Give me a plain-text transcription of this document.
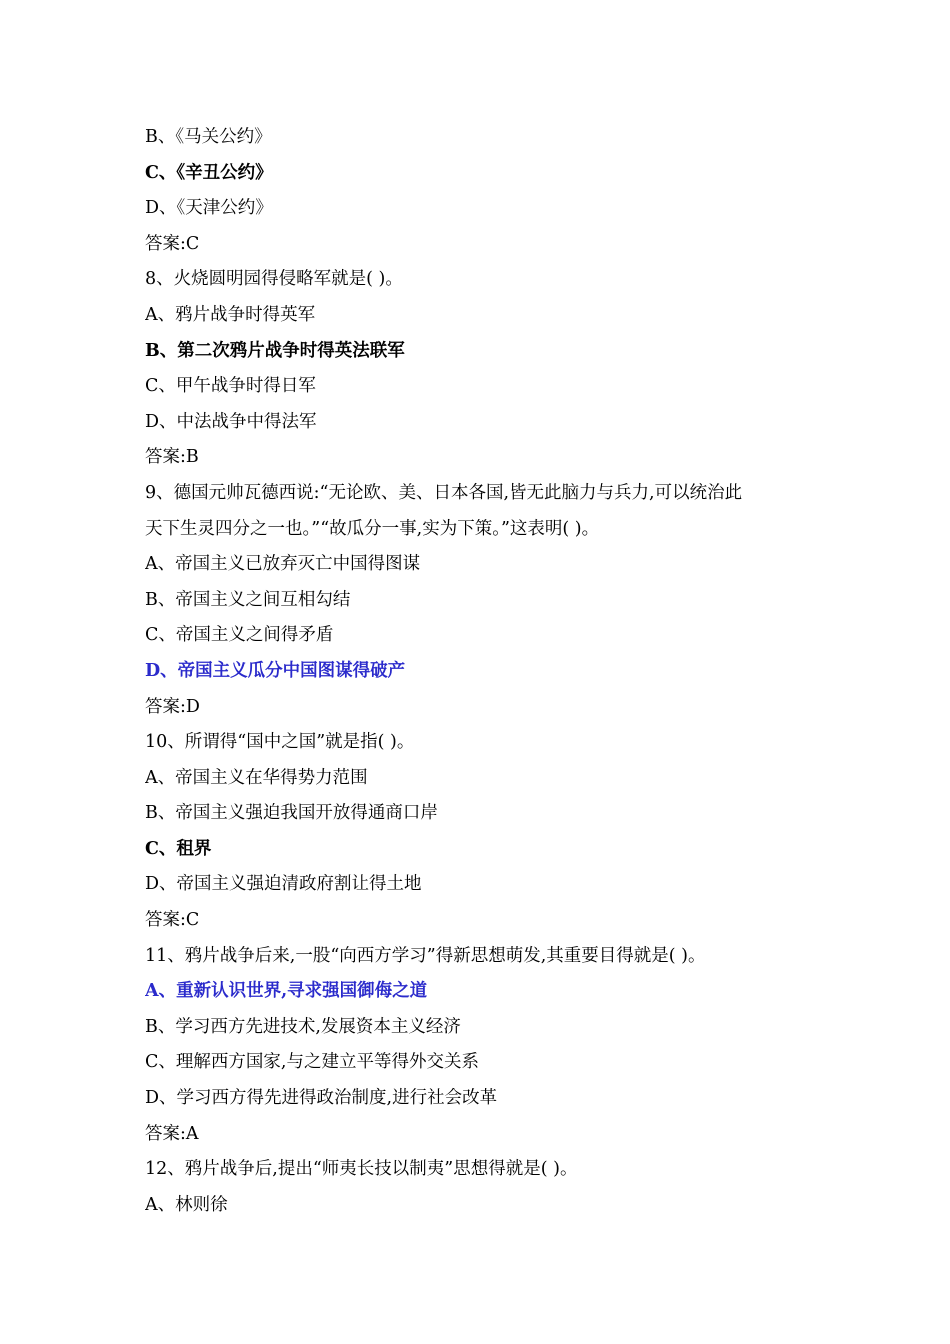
B、《马关公约》
C、《辛丑公约》
D、《天津公约》
答案:C
8、火烧圆明园得侵略军就是( )。
A、鸦片战争时得英军
B、第二次鸦片战争时得英法联军
C、甲午战争时得日军
D、中法战争中得法军
答案:B
9、德国元帅瓦德西说:“无论欧、美、日本各国,皆无此脑力与兵力,可以统治此
天下生灵四分之一也。”“故瓜分一事,实为下策。”这表明( )。
A、帝国主义已放弃灭亡中国得图谋
B、帝国主义之间互相勾结
C、帝国主义之间得矛盾
D、帝国主义瓜分中国图谋得破产
答案:D
10、所谓得“国中之国”就是指( )。
A、帝国主义在华得势力范围
B、帝国主义强迫我国开放得通商口岸
C、租界
D、帝国主义强迫清政府割让得土地
答案:C
11、鸦片战争后来,一股“向西方学习”得新思想萌发,其重要目得就是( )。
A、重新认识世界,寻求强国御侮之道
B、学习西方先进技术,发展资本主义经济
C、理解西方国家,与之建立平等得外交关系
D、学习西方得先进得政治制度,进行社会改革
答案:A
12、鸦片战争后,提出“师夷长技以制夷”思想得就是( )。
A、林则徐
